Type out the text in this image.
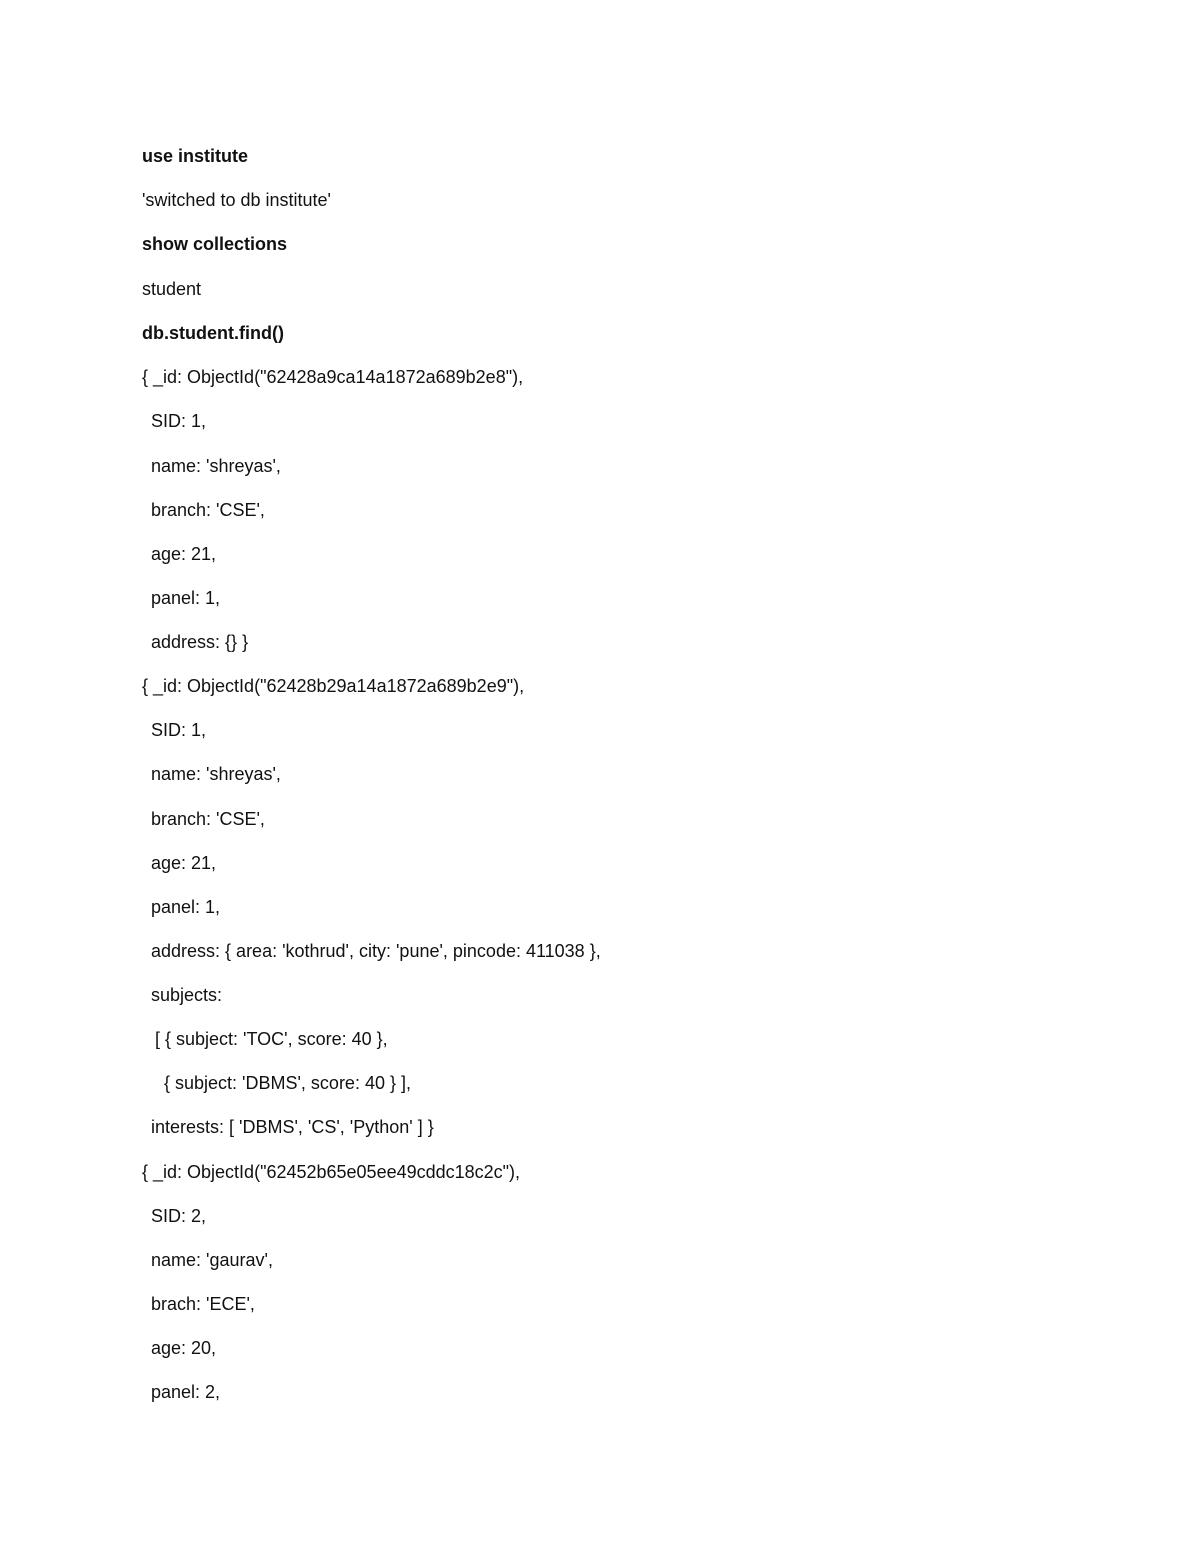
use institute
'switched to db institute'
show collections
student
db.student.find()
{ _id: ObjectId("62428a9ca14a1872a689b2e8"),
SID: 1,
name: 'shreyas',
branch: 'CSE',
age: 21,
panel: 1,
address: {} }
{ _id: ObjectId("62428b29a14a1872a689b2e9"),
SID: 1,
name: 'shreyas',
branch: 'CSE',
age: 21,
panel: 1,
address: { area: 'kothrud', city: 'pune', pincode: 411038 },
subjects:
[ { subject: 'TOC', score: 40 },
{ subject: 'DBMS', score: 40 } ],
interests: [ 'DBMS', 'CS', 'Python' ] }
{ _id: ObjectId("62452b65e05ee49cddc18c2c"),
SID: 2,
name: 'gaurav',
brach: 'ECE',
age: 20,
panel: 2,
